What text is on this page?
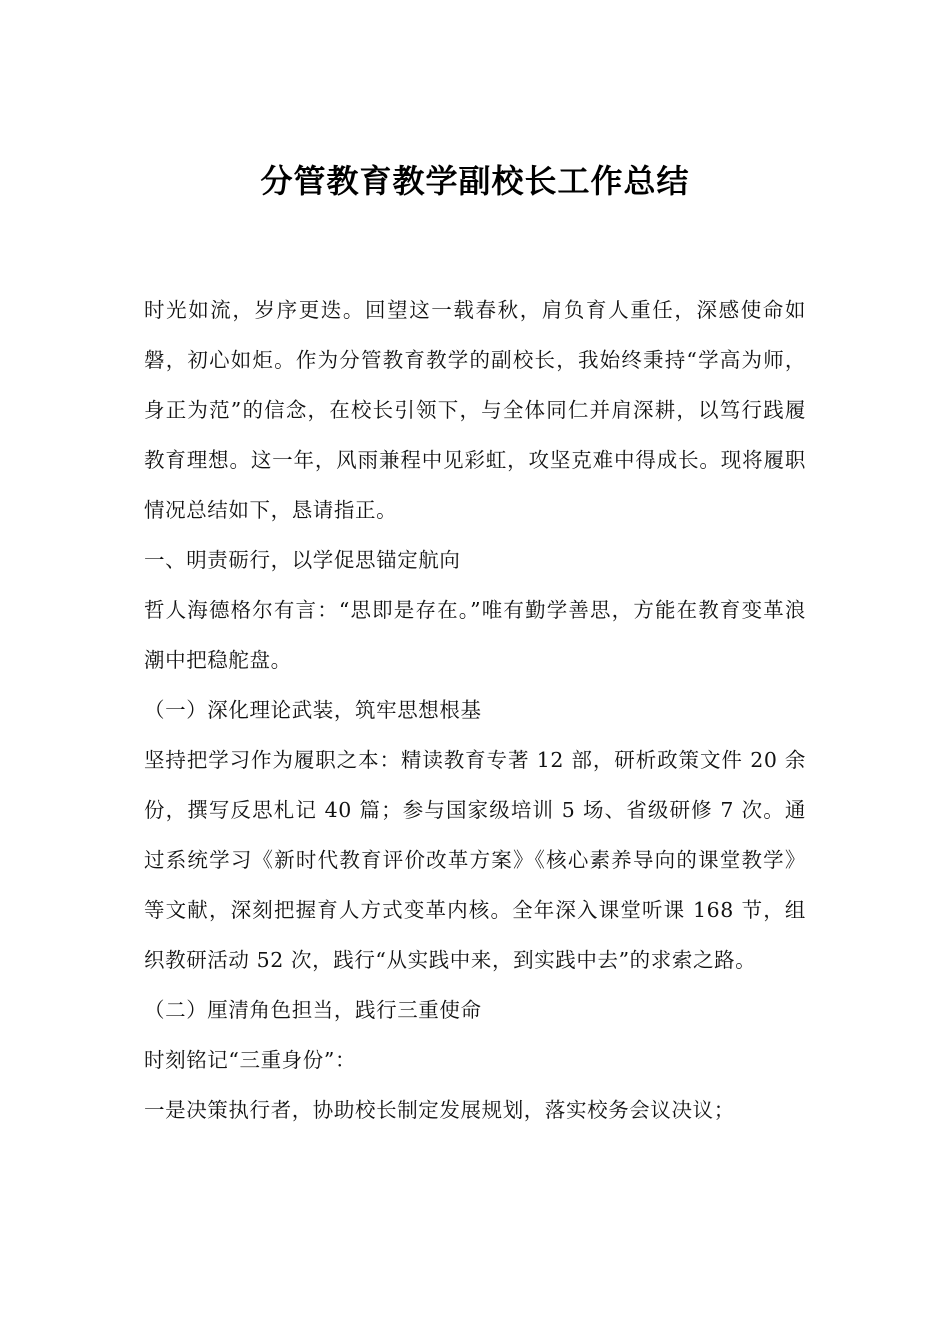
分管教育教学副校长工作总结

时光如流，岁序更迭。回望这一载春秋，肩负育人重任，深感使命如磐，初心如炬。作为分管教育教学的副校长，我始终秉持“学高为师，身正为范”的信念，在校长引领下，与全体同仁并肩深耕，以笃行践履教育理想。这一年，风雨兼程中见彩虹，攻坚克难中得成长。现将履职情况总结如下，恳请指正。

一、明责砺行，以学促思锚定航向

哲人海德格尔有言：“思即是存在。”唯有勤学善思，方能在教育变革浪潮中把稳舵盘。

（一）深化理论武装，筑牢思想根基

坚持把学习作为履职之本：精读教育专著 12 部，研析政策文件 20 余份，撰写反思札记 40 篇；参与国家级培训 5 场、省级研修 7 次。通过系统学习《新时代教育评价改革方案》《核心素养导向的课堂教学》等文献，深刻把握育人方式变革内核。全年深入课堂听课 168 节，组织教研活动 52 次，践行“从实践中来，到实践中去”的求索之路。

（二）厘清角色担当，践行三重使命

时刻铭记“三重身份”：

一是决策执行者，协助校长制定发展规划，落实校务会议决议；
